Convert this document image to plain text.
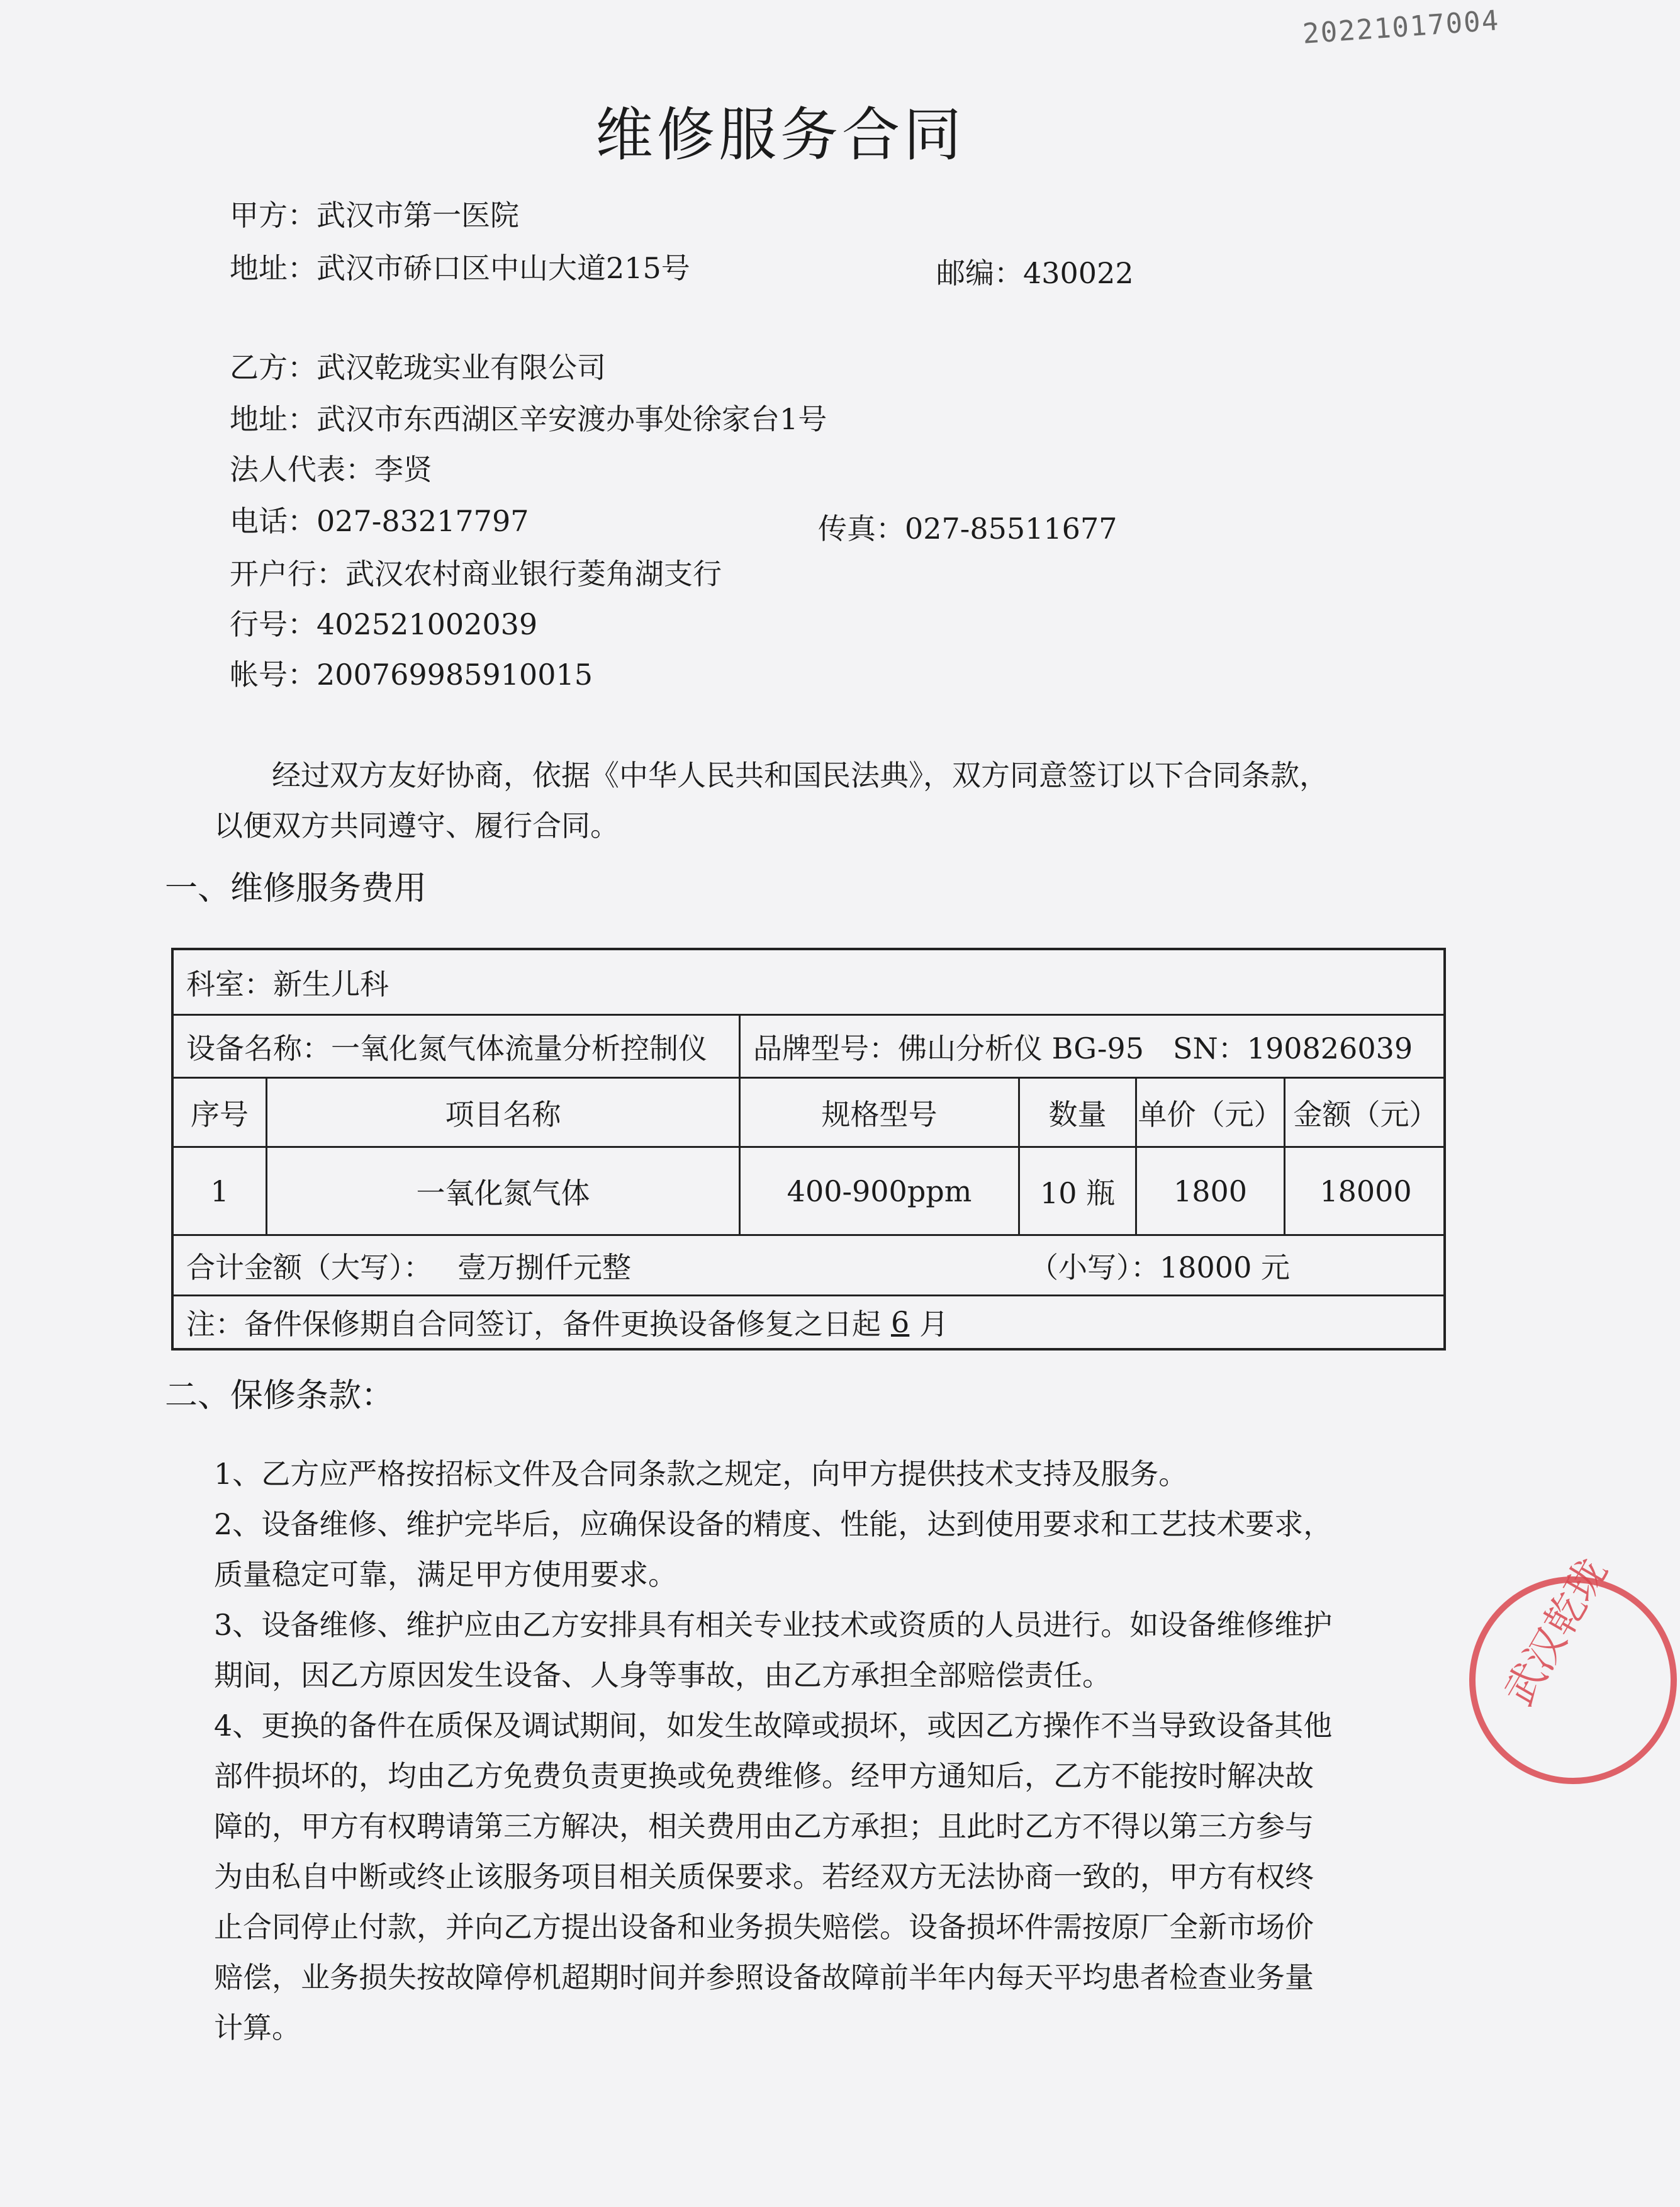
20221017004
维修服务合同
甲方：武汉市第一医院
地址：武汉市硚口区中山大道215号	邮编：430022
乙方：武汉乾珑实业有限公司
地址：武汉市东西湖区辛安渡办事处徐家台1号
法人代表：李贤
电话：027-83217797	传真：027-85511677
开户行：武汉农村商业银行菱角湖支行
行号：402521002039
帐号：200769985910015
经过双方友好协商，依据《中华人民共和国民法典》，双方同意签订以下合同条款，以便双方共同遵守、履行合同。
一、维修服务费用
科室：新生儿科
设备名称：一氧化氮气体流量分析控制仪	品牌型号：佛山分析仪 BG-95　SN：190826039
序号	项目名称	规格型号	数量	单价（元） 金额（元）
1	一氧化氮气体	400-900ppm	10 瓶	1800	18000
合计金额（大写）： 壹万捌仟元整	（小写）：18000 元
注：备件保修期自合同签订，备件更换设备修复之日起 6 月
二、保修条款：

1、乙方应严格按招标文件及合同条款之规定，向甲方提供技术支持及服务。

2、设备维修、维护完毕后，应确保设备的精度、性能，达到使用要求和工艺技术要求，质量稳定可靠，满足甲方使用要求。

3、设备维修、维护应由乙方安排具有相关专业技术或资质的人员进行。如设备维修维护期间，因乙方原因发生设备、人身等事故，由乙方承担全部赔偿责任。

4、更换的备件在质保及调试期间，如发生故障或损坏，或因乙方操作不当导致设备其他部件损坏的，均由乙方免费负责更换或免费维修。经甲方通知后，乙方不能按时解决故障的，甲方有权聘请第三方解决，相关费用由乙方承担；且此时乙方不得以第三方参与为由私自中断或终止该服务项目相关质保要求。若经双方无法协商一致的，甲方有权终止合同停止付款，并向乙方提出设备和业务损失赔偿。设备损坏件需按原厂全新市场价赔偿，业务损失按故障停机超期时间并参照设备故障前半年内每天平均患者检查业务量计算。

武汉乾珑
